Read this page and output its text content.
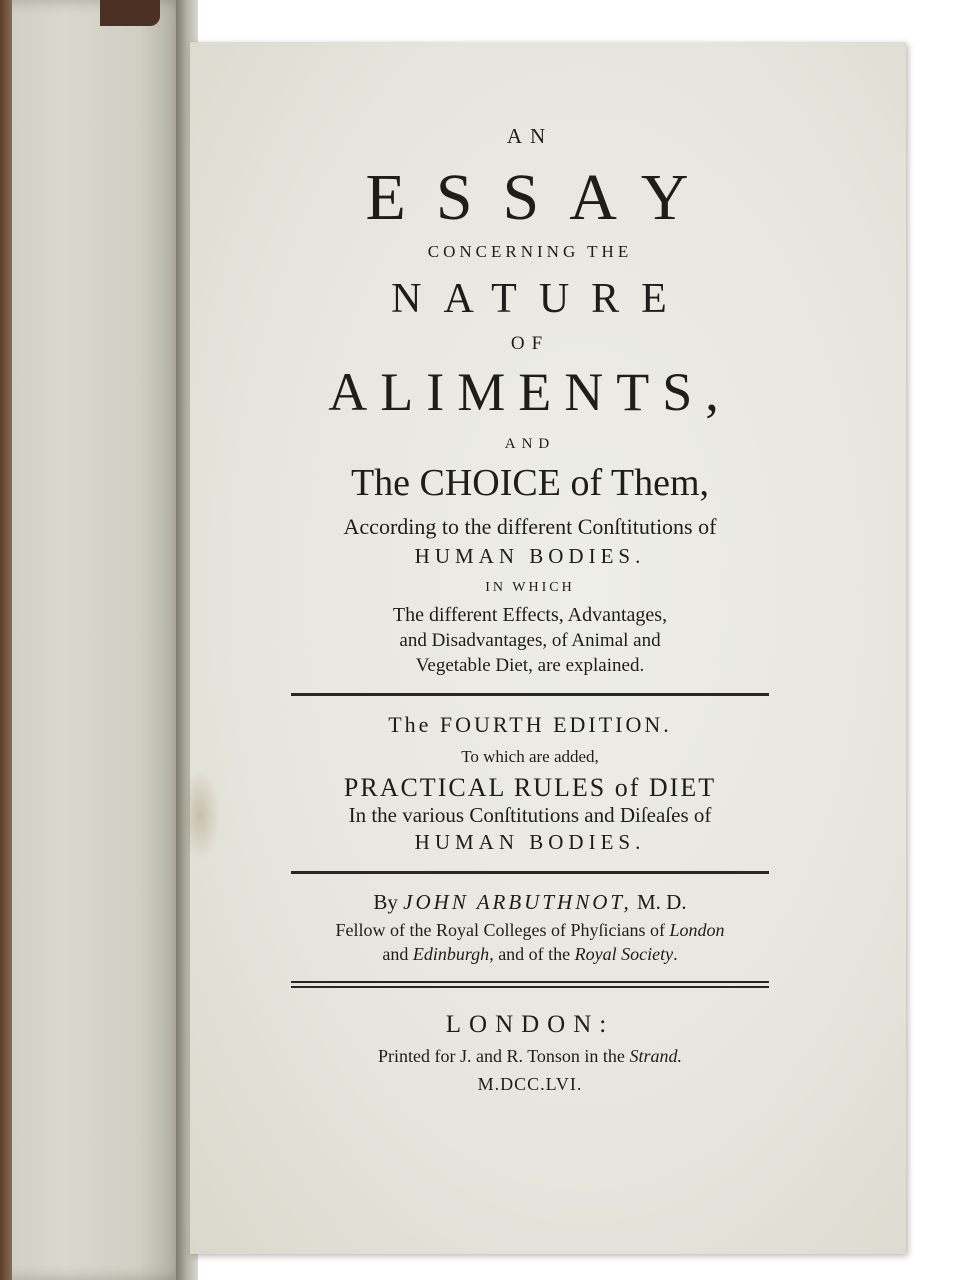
AN
ESSAY
CONCERNING THE
NATURE
OF
ALIMENTS,
AND
The CHOICE of Them,
According to the different Conſtitutions of
HUMAN BODIES.
IN WHICH
The different Effects, Advantages,
and Disadvantages, of Animal and
Vegetable Diet, are explained.
The FOURTH EDITION.
To which are added,
PRACTICAL RULES of DIET
In the various Conſtitutions and Diſeaſes of
HUMAN BODIES.
By JOHN ARBUTHNOT, M. D.
Fellow of the Royal Colleges of Phyſicians of London
and Edinburgh, and of the Royal Society.
LONDON:
Printed for J. and R. Tonson in the Strand.
M.DCC.LVI.
